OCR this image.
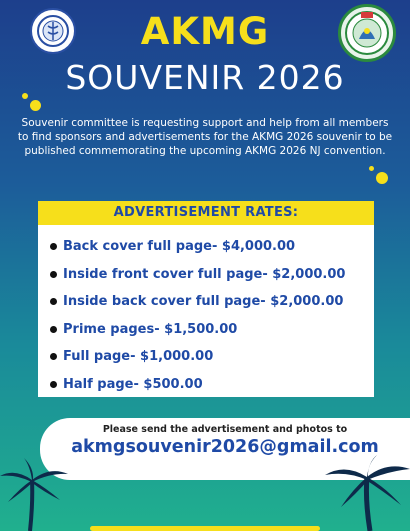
AKMG
SOUVENIR 2026
Souvenir committee is requesting support and help from all members to find sponsors and advertisements for the AKMG 2026 souvenir to be published commemorating the upcoming AKMG 2026 NJ convention.
ADVERTISEMENT RATES:
Back cover full page- $4,000.00
Inside front cover full page- $2,000.00
Inside back cover full page- $2,000.00
Prime pages- $1,500.00
Full page- $1,000.00
Half page- $500.00
Please send the advertisement and photos to
akmgsouvenir2026@gmail.com
